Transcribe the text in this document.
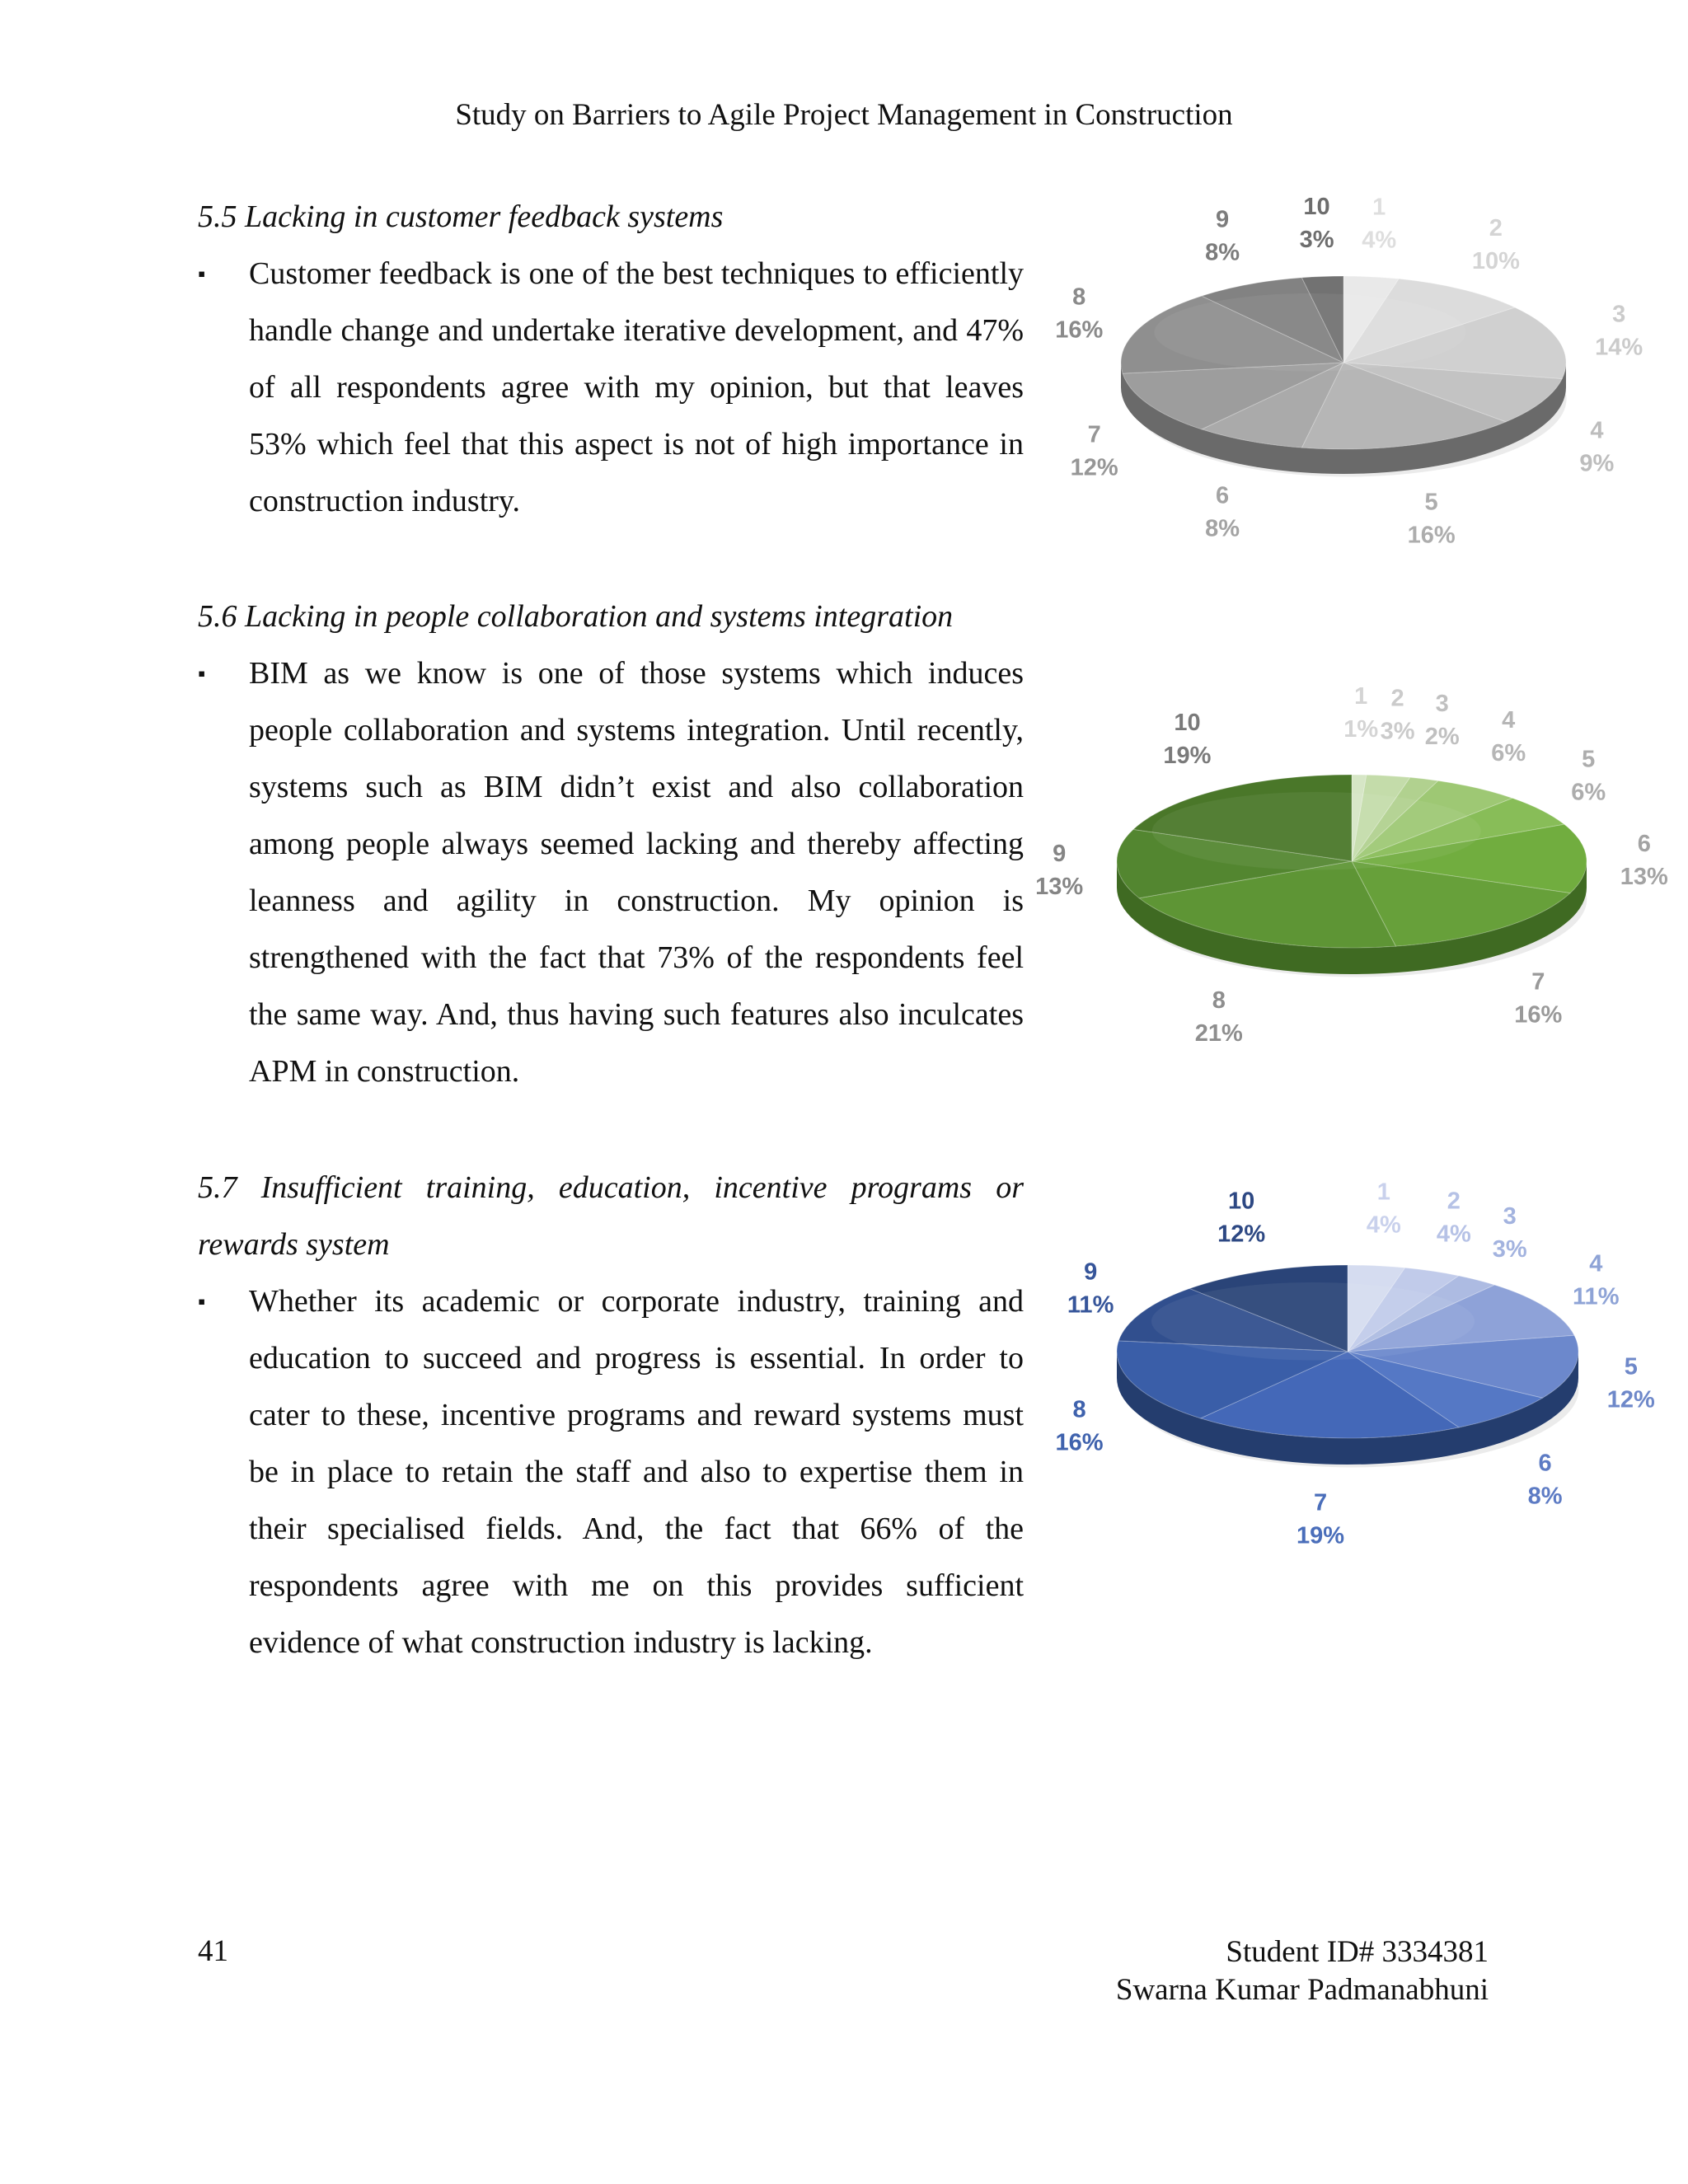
Study on Barriers to Agile Project Management in Construction

5.5 Lacking in customer feedback systems

▪ Customer feedback is one of the best techniques to efficiently handle change and undertake iterative development, and 47% of all respondents agree with my opinion, but that leaves 53% which feel that this aspect is not of high importance in construction industry.

5.6 Lacking in people collaboration and systems integration

▪ BIM as we know is one of those systems which induces people collaboration and systems integration. Until recently, systems such as BIM didn’t exist and also collaboration among people always seemed lacking and thereby affecting leanness and agility in construction. My opinion is strengthened with the fact that 73% of the respondents feel the same way. And, thus having such features also inculcates APM in construction.

5.7 Insufficient training, education, incentive programs or rewards system

▪ Whether its academic or corporate industry, training and education to succeed and progress is essential. In order to cater to these, incentive programs and reward systems must be in place to retain the staff and also to expertise them in their specialised fields. And, the fact that 66% of the respondents agree with me on this provides sufficient evidence of what construction industry is lacking.

1
4%	2
10%
3
14%
4
9%
5
16%
6
8%
7
12%
8
16%
9
8%
10
3%
1
1%
2
3%
3
2%
4
6% 5
6%
6
13%
7
16%
8
21%
9
13%
10
19%
1
4%
2
4%
3
3%
4
11%
5
12%
6
8%
7
19%
8
16%
9
11%
10
12%
41	Student ID# 3334381
Swarna Kumar Padmanabhuni
